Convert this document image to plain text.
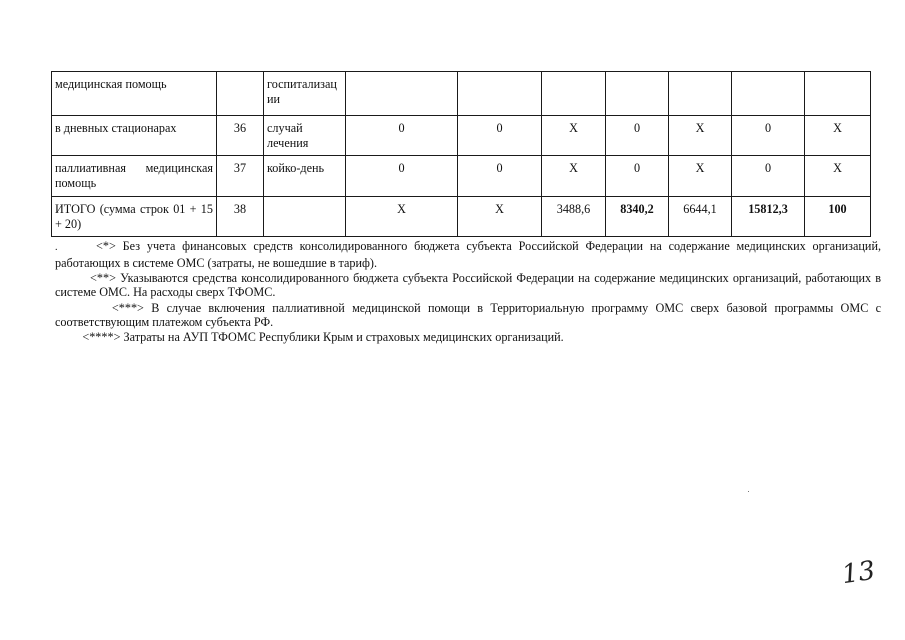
медицинская помощь		госпитализации							
в дневных стационарах	36	случай лечения	0	0	Х	0	Х	0	Х
паллиативная медицинская помощь	37	койко-день	0	0	Х	0	Х	0	Х
ИТОГО (сумма строк 01 + 15 + 20)	38		Х	Х	3488,6	8340,2	6644,1	15812,3	100

.	<*> Без учета финансовых средств консолидированного бюджета субъекта Российской Федерации на содержание медицинских организаций, работающих в системе ОМС (затраты, не вошедшие в тариф).

<**> Указываются средства консолидированного бюджета субъекта Российской Федерации на содержание медицинских организаций, работающих в системе ОМС. На расходы сверх ТФОМС.

<***> В случае включения паллиативной медицинской помощи в Территориальную программу ОМС сверх базовой программы ОМС с соответствующим платежом субъекта РФ.

<****> Затраты на АУП ТФОМС Республики Крым и страховых медицинских организаций.

13
